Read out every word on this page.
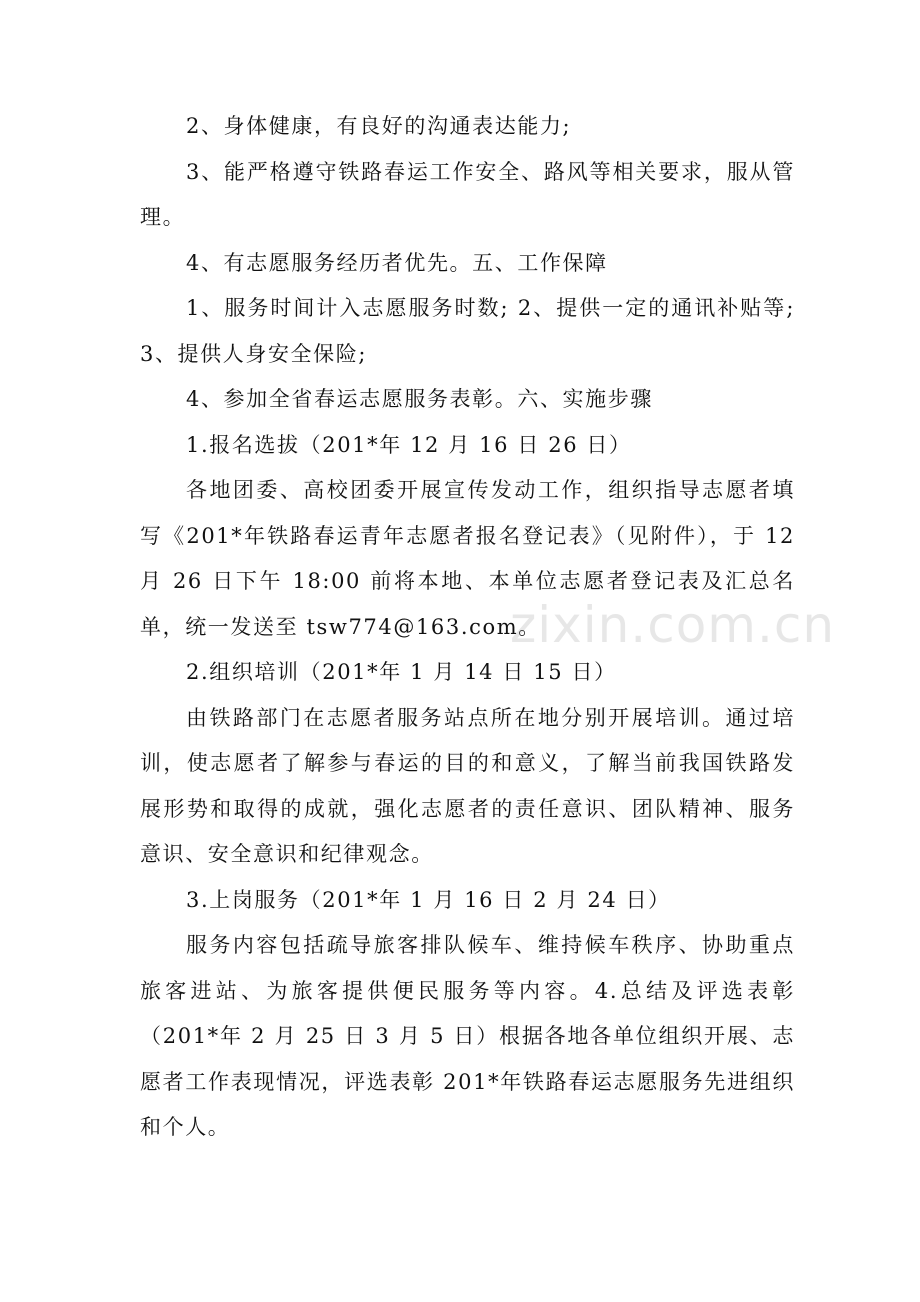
2、身体健康，有良好的沟通表达能力;

3、能严格遵守铁路春运工作安全、路风等相关要求，服从管理。

4、有志愿服务经历者优先。五、工作保障

1、服务时间计入志愿服务时数; 2、提供一定的通讯补贴等; 3、提供人身安全保险;

4、参加全省春运志愿服务表彰。六、实施步骤

1.报名选拔（201*年 12 月 16 日 26 日）

各地团委、高校团委开展宣传发动工作，组织指导志愿者填写《201*年铁路春运青年志愿者报名登记表》（见附件），于 12 月 26 日下午 18:00 前将本地、本单位志愿者登记表及汇总名单，统一发送至 tsw774@163.com。

2.组织培训（201*年 1 月 14 日 15 日）

由铁路部门在志愿者服务站点所在地分别开展培训。通过培训，使志愿者了解参与春运的目的和意义，了解当前我国铁路发展形势和取得的成就，强化志愿者的责任意识、团队精神、服务意识、安全意识和纪律观念。

3.上岗服务（201*年 1 月 16 日 2 月 24 日）

服务内容包括疏导旅客排队候车、维持候车秩序、协助重点旅客进站、为旅客提供便民服务等内容。4.总结及评选表彰（201*年 2 月 25 日 3 月 5 日）根据各地各单位组织开展、志愿者工作表现情况，评选表彰 201*年铁路春运志愿服务先进组织和个人。

zixin.com.cn
